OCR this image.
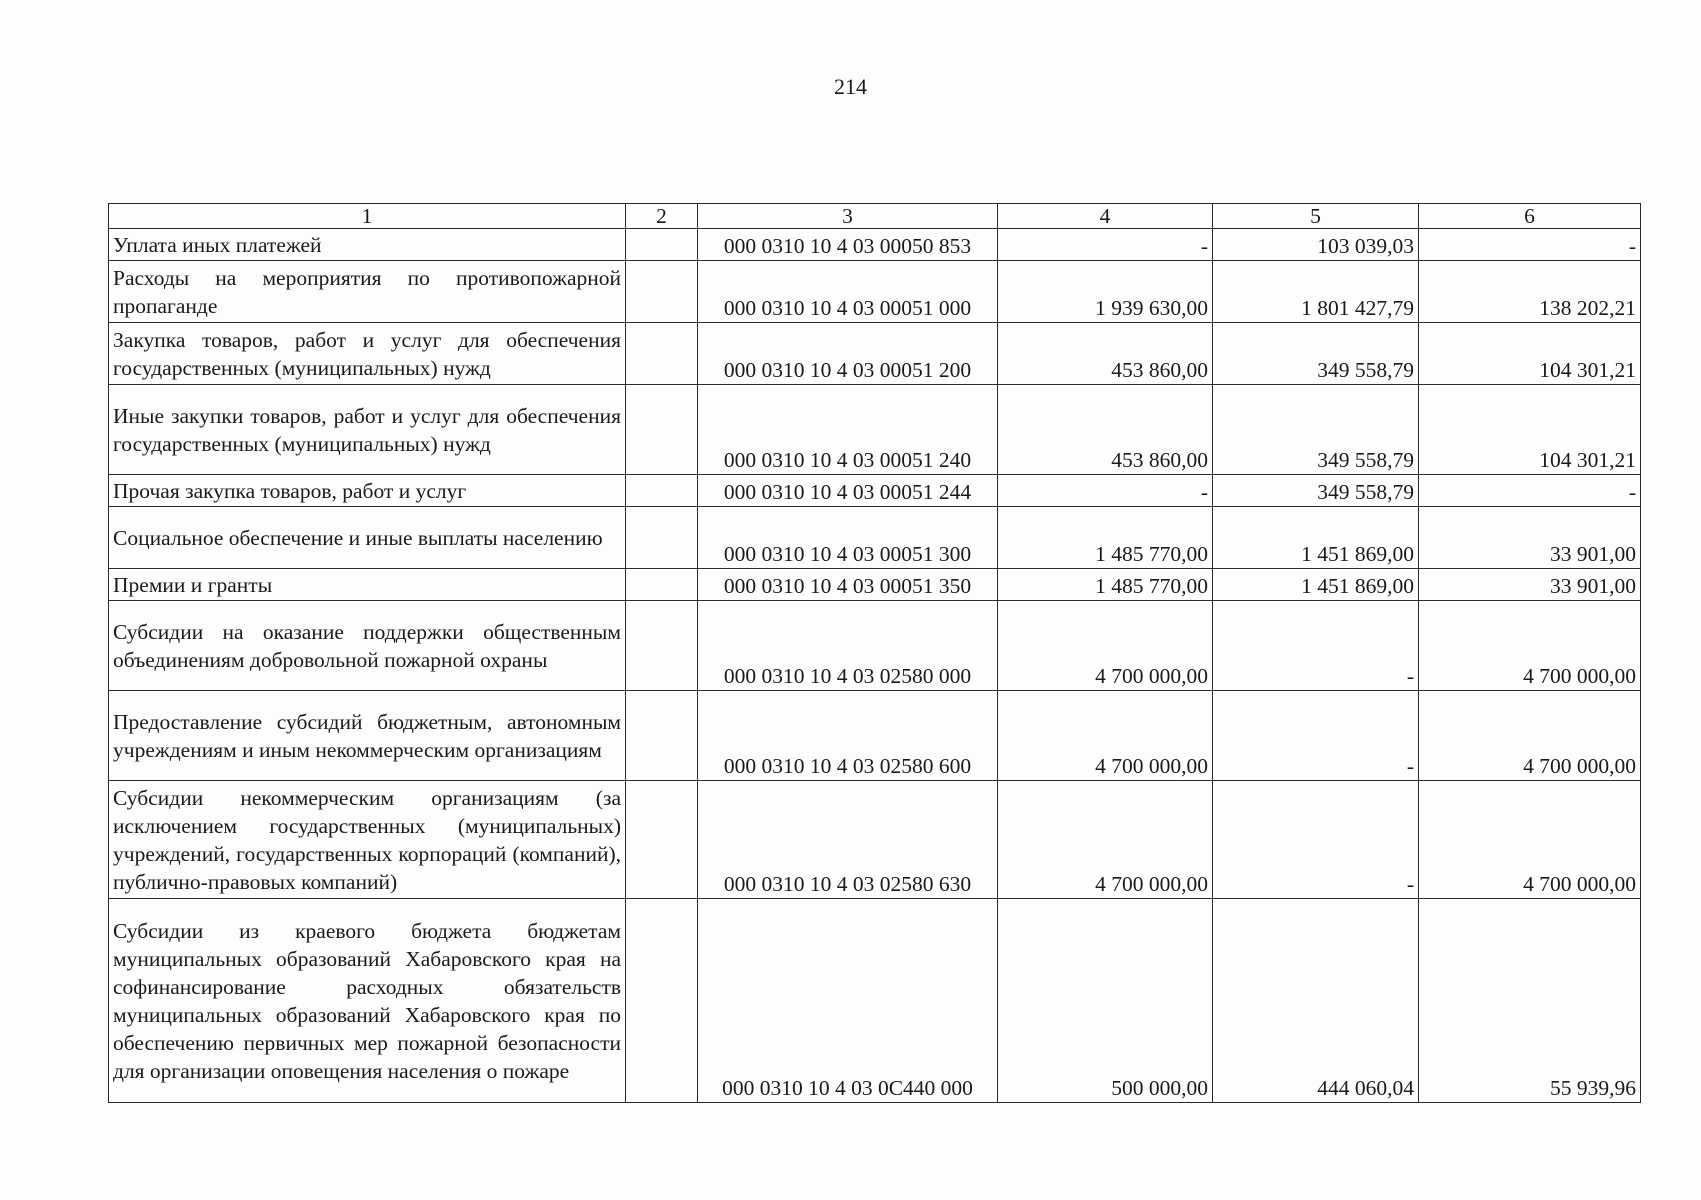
214
1	2	3	4	5	6
Уплата иных платежей		000 0310 10 4 03 00050 853	-	103 039,03	-
Расходы на мероприятия по противопожарной пропаганде		000 0310 10 4 03 00051 000	1 939 630,00	1 801 427,79	138 202,21
Закупка товаров, работ и услуг для обеспечения государственных (муниципальных) нужд		000 0310 10 4 03 00051 200	453 860,00	349 558,79	104 301,21
Иные закупки товаров, работ и услуг для обеспечения государственных (муниципальных) нужд		000 0310 10 4 03 00051 240	453 860,00	349 558,79	104 301,21
Прочая закупка товаров, работ и услуг		000 0310 10 4 03 00051 244	-	349 558,79	-
Социальное обеспечение и иные выплаты населению		000 0310 10 4 03 00051 300	1 485 770,00	1 451 869,00	33 901,00
Премии и гранты		000 0310 10 4 03 00051 350	1 485 770,00	1 451 869,00	33 901,00
Субсидии на оказание поддержки общественным объединениям добровольной пожарной охраны		000 0310 10 4 03 02580 000	4 700 000,00	-	4 700 000,00
Предоставление субсидий бюджетным, автономным учреждениям и иным некоммерческим организациям		000 0310 10 4 03 02580 600	4 700 000,00	-	4 700 000,00
Субсидии некоммерческим организациям (за исключением государственных (муниципальных) учреждений, государственных корпораций (компаний), публично-правовых компаний)		000 0310 10 4 03 02580 630	4 700 000,00	-	4 700 000,00
Субсидии из краевого бюджета бюджетам муниципальных образований Хабаровского края на софинансирование расходных обязательств муниципальных образований Хабаровского края по обеспечению первичных мер пожарной безопасности для организации оповещения населения о пожаре		000 0310 10 4 03 0C440 000	500 000,00	444 060,04	55 939,96
